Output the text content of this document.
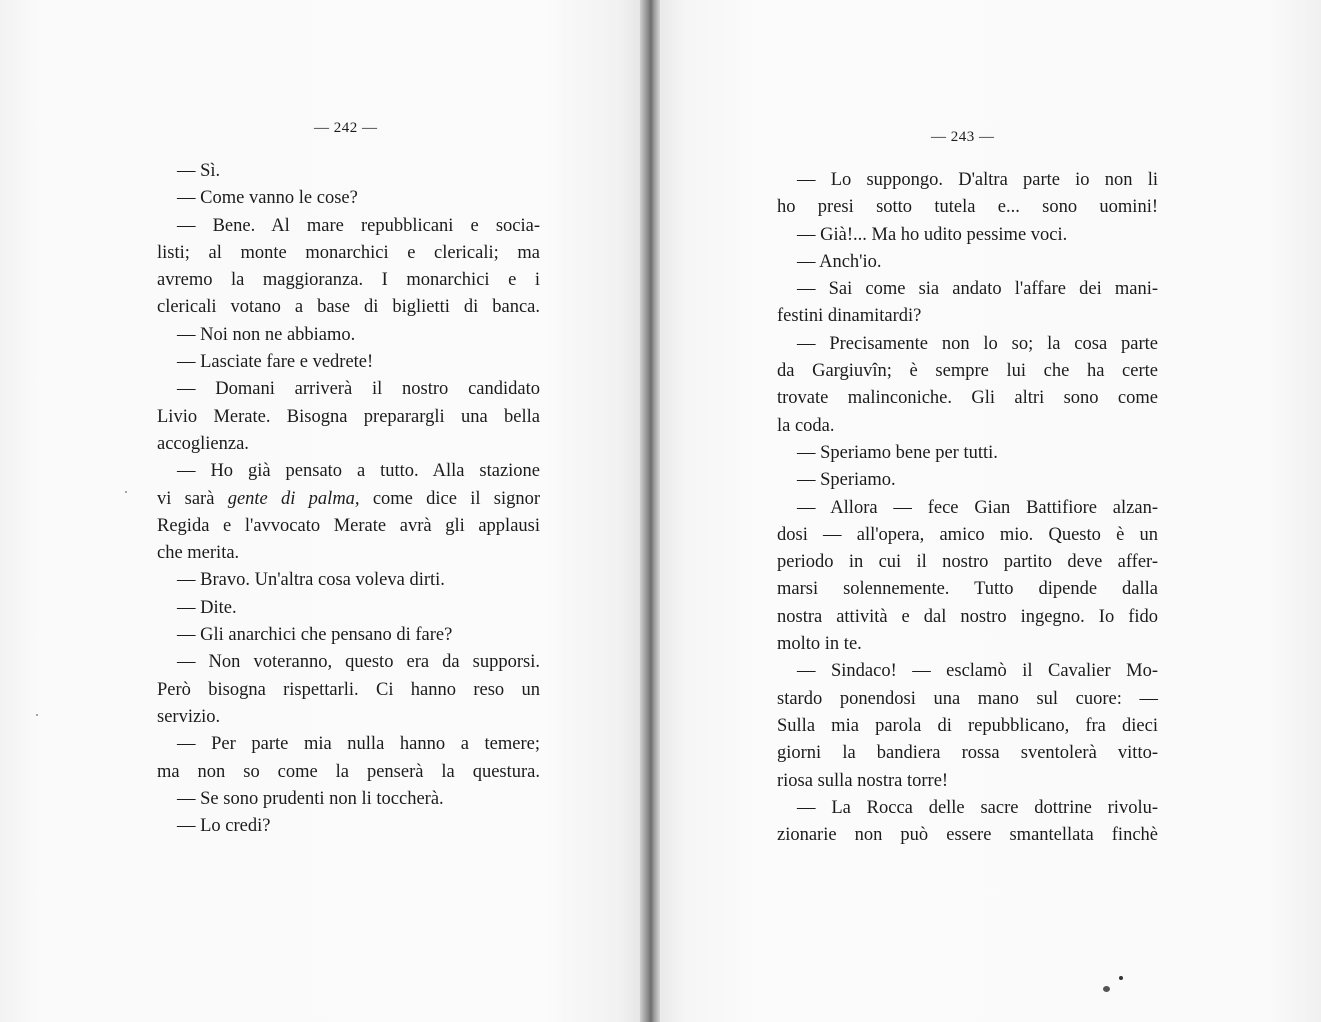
— 242 —
— Sì.
— Come vanno le cose?
— Bene. Al mare repubblicani e socia-
listi; al monte monarchici e clericali; ma
avremo la maggioranza. I monarchici e i
clericali votano a base di biglietti di banca.
— Noi non ne abbiamo.
— Lasciate fare e vedrete!
— Domani arriverà il nostro candidato
Livio Merate. Bisogna preparargli una bella
accoglienza.
— Ho già pensato a tutto. Alla stazione
vi sarà gente di palma, come dice il signor
Regida e l'avvocato Merate avrà gli applausi
che merita.
— Bravo. Un'altra cosa voleva dirti.
— Dite.
— Gli anarchici che pensano di fare?
— Non voteranno, questo era da supporsi.
Però bisogna rispettarli. Ci hanno reso un
servizio.
— Per parte mia nulla hanno a temere;
ma non so come la penserà la questura.
— Se sono prudenti non li toccherà.
— Lo credi?
— 243 —
— Lo suppongo. D'altra parte io non li
ho presi sotto tutela e... sono uomini!
— Già!... Ma ho udito pessime voci.
— Anch'io.
— Sai come sia andato l'affare dei mani-
festini dinamitardi?
— Precisamente non lo so; la cosa parte
da Gargiuvîn; è sempre lui che ha certe
trovate malinconiche. Gli altri sono come
la coda.
— Speriamo bene per tutti.
— Speriamo.
— Allora — fece Gian Battifiore alzan-
dosi — all'opera, amico mio. Questo è un
periodo in cui il nostro partito deve affer-
marsi solennemente. Tutto dipende dalla
nostra attività e dal nostro ingegno. Io fido
molto in te.
— Sindaco! — esclamò il Cavalier Mo-
stardo ponendosi una mano sul cuore: —
Sulla mia parola di repubblicano, fra dieci
giorni la bandiera rossa sventolerà vitto-
riosa sulla nostra torre!
— La Rocca delle sacre dottrine rivolu-
zionarie non può essere smantellata finchè
